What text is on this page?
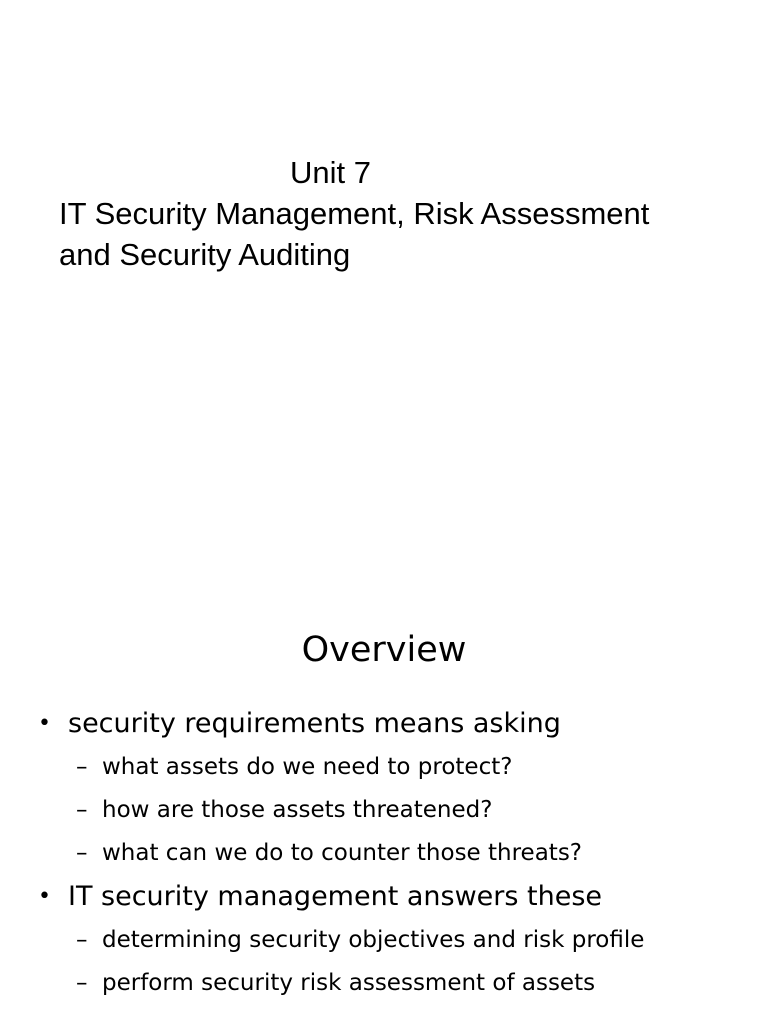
Unit 7
IT Security Management, Risk Assessment
and Security Auditing
Overview
• security requirements means asking
– what assets do we need to protect?
– how are those assets threatened?
– what can we do to counter those threats?
• IT security management answers these
– determining security objectives and risk profile
– perform security risk assessment of assets
